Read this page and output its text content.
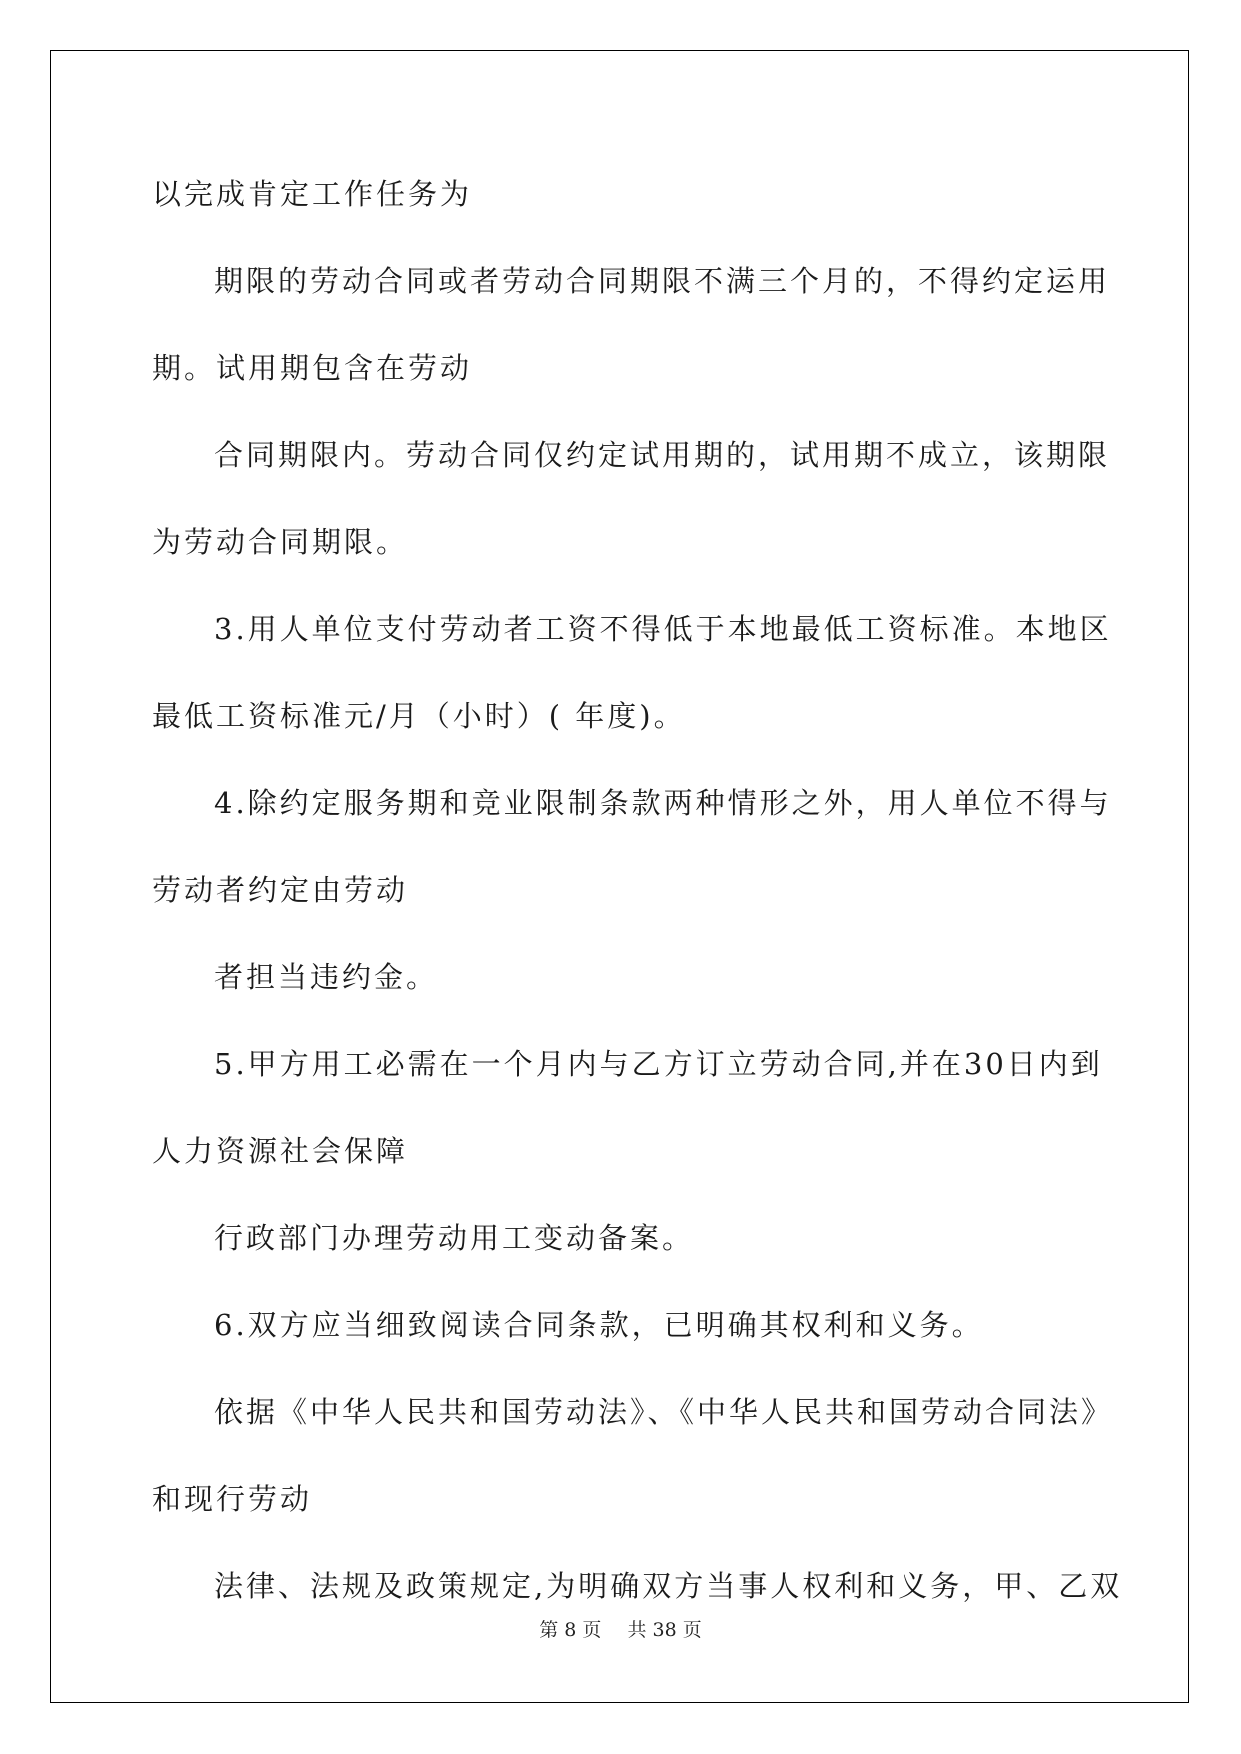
以完成肯定工作任务为
期限的劳动合同或者劳动合同期限不满三个月的，不得约定运用
期。试用期包含在劳动
合同期限内。劳动合同仅约定试用期的，试用期不成立，该期限
为劳动合同期限。
3.用人单位支付劳动者工资不得低于本地最低工资标准。本地区
最低工资标准元/月（小时）( 年度)。
4.除约定服务期和竞业限制条款两种情形之外，用人单位不得与
劳动者约定由劳动
者担当违约金。
5.甲方用工必需在一个月内与乙方订立劳动合同,并在30日内到
人力资源社会保障
行政部门办理劳动用工变动备案。
6.双方应当细致阅读合同条款，已明确其权利和义务。
依据《中华人民共和国劳动法》、《中华人民共和国劳动合同法》
和现行劳动
法律、法规及政策规定,为明确双方当事人权利和义务，甲、乙双
第 8 页 共 38 页
